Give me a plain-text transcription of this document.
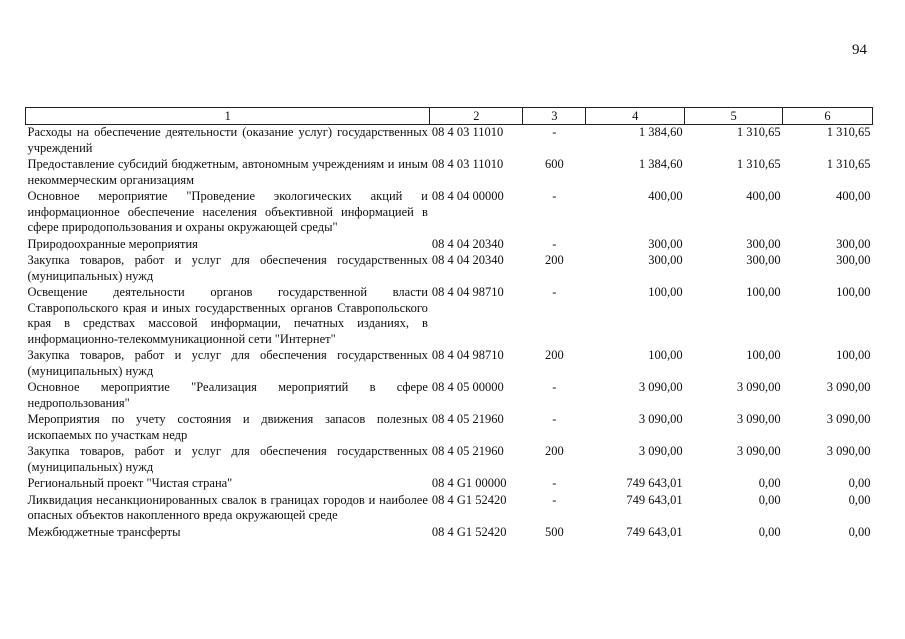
94
1	2	3	4	5	6
Расходы на обеспечение деятельности (оказание услуг) государственных учреждений	08 4 03 11010	-	1 384,60	1 310,65	1 310,65
Предоставление субсидий бюджетным, автономным учреждениям и иным некоммерческим организациям	08 4 03 11010	600	1 384,60	1 310,65	1 310,65
Основное мероприятие "Проведение экологических акций и информационное обеспечение населения объективной информацией в сфере природопользования и охраны окружающей среды"	08 4 04 00000	-	400,00	400,00	400,00
Природоохранные мероприятия	08 4 04 20340	-	300,00	300,00	300,00
Закупка товаров, работ и услуг для обеспечения государственных (муниципальных) нужд	08 4 04 20340	200	300,00	300,00	300,00
Освещение деятельности органов государственной власти Ставропольского края и иных государственных органов Ставропольского края в средствах массовой информации, печатных изданиях, в информационно-телекоммуникационной сети "Интернет"	08 4 04 98710	-	100,00	100,00	100,00
Закупка товаров, работ и услуг для обеспечения государственных (муниципальных) нужд	08 4 04 98710	200	100,00	100,00	100,00
Основное мероприятие "Реализация мероприятий в сфере недропользования"	08 4 05 00000	-	3 090,00	3 090,00	3 090,00
Мероприятия по учету состояния и движения запасов полезных ископаемых по участкам недр	08 4 05 21960	-	3 090,00	3 090,00	3 090,00
Закупка товаров, работ и услуг для обеспечения государственных (муниципальных) нужд	08 4 05 21960	200	3 090,00	3 090,00	3 090,00
Региональный проект "Чистая страна"	08 4 G1 00000	-	749 643,01	0,00	0,00
Ликвидация несанкционированных свалок в границах городов и наиболее опасных объектов накопленного вреда окружающей среде	08 4 G1 52420	-	749 643,01	0,00	0,00
Межбюджетные трансферты	08 4 G1 52420	500	749 643,01	0,00	0,00
